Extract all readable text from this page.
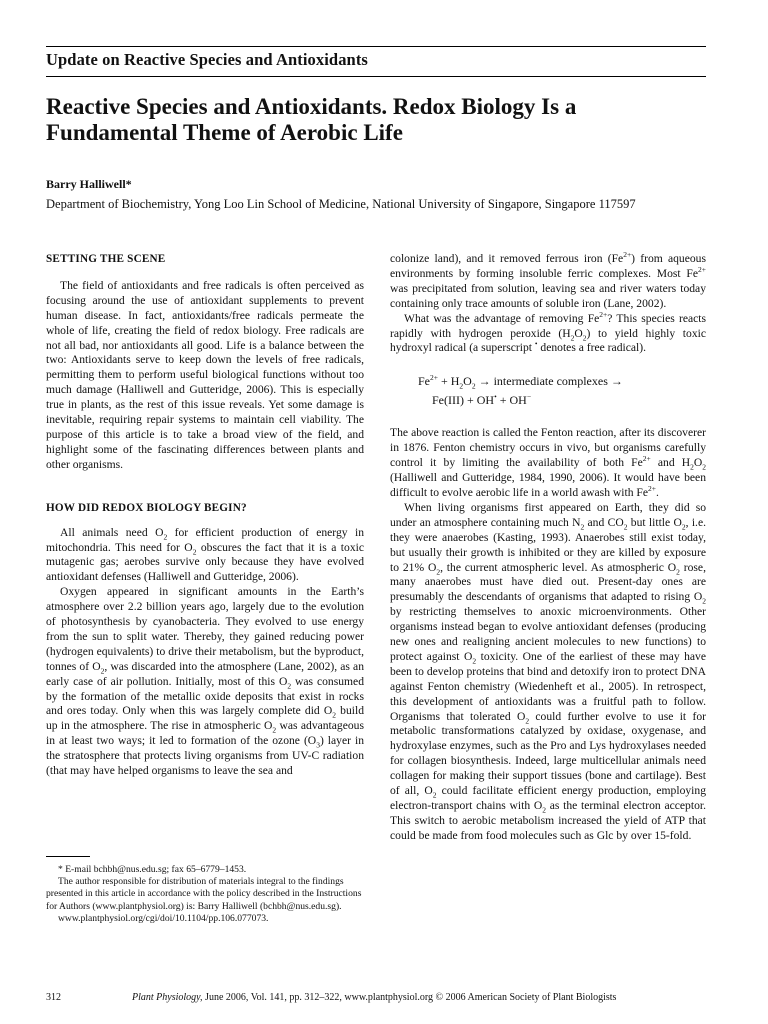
Update on Reactive Species and Antioxidants
Reactive Species and Antioxidants. Redox Biology Is a Fundamental Theme of Aerobic Life
Barry Halliwell*
Department of Biochemistry, Yong Loo Lin School of Medicine, National University of Singapore, Singapore 117597
SETTING THE SCENE

The field of antioxidants and free radicals is often perceived as focusing around the use of antioxidant supplements to prevent human disease. In fact, antioxidants/free radicals permeate the whole of life, creating the field of redox biology. Free radicals are not all bad, nor antioxidants all good. Life is a balance between the two: Antioxidants serve to keep down the levels of free radicals, permitting them to perform useful biological functions without too much damage (Halliwell and Gutteridge, 2006). This is especially true in plants, as the rest of this issue reveals. Yet some damage is inevitable, requiring repair systems to maintain cell viability. The purpose of this article is to take a broad view of the field, and highlight some of the fascinating differences between plants and other organisms.

HOW DID REDOX BIOLOGY BEGIN?

All animals need $O_2$ for efficient production of energy in mitochondria. This need for $O_2$ obscures the fact that it is a toxic mutagenic gas; aerobes survive only because they have evolved antioxidant defenses (Halliwell and Gutteridge, 2006).

Oxygen appeared in significant amounts in the Earth’s atmosphere over 2.2 billion years ago, largely due to the evolution of photosynthesis by cyanobacteria. They evolved to use energy from the sun to split water. Thereby, they gained reducing power (hydrogen equivalents) to drive their metabolism, but the byproduct, tonnes of $O_2$, was discarded into the atmosphere (Lane, 2002), as an early case of air pollution. Initially, most of this $O_2$ was consumed by the formation of the metallic oxide deposits that exist in rocks and ores today. Only when this was largely complete did $O_2$ build up in the atmosphere. The rise in atmospheric $O_2$ was advantageous in at least two ways; it led to formation of the ozone $(O_3)$ layer in the stratosphere that protects living organisms from UV-C radiation (that may have helped organisms to leave the sea and

colonize land), and it removed ferrous iron $(Fe^{2+})$ from aqueous environments by forming insoluble ferric complexes. Most $Fe^{2+}$ was precipitated from solution, leaving sea and river waters today containing only trace amounts of soluble iron (Lane, 2002).

What was the advantage of removing $Fe^{2+}$? This species reacts rapidly with hydrogen peroxide $(H_2O_2)$ to yield highly toxic hydroxyl radical (a superscript • denotes a free radical).

$Fe^{2+} + H_2O_2$ → intermediate complexes →
Fe(III) + OH• + OH−

The above reaction is called the Fenton reaction, after its discoverer in 1876. Fenton chemistry occurs in vivo, but organisms carefully control it by limiting the availability of both $Fe^{2+}$ and $H_2O_2$ (Halliwell and Gutteridge, 1984, 1990, 2006). It would have been difficult to evolve aerobic life in a world awash with $Fe^{2+}$.

When living organisms first appeared on Earth, they did so under an atmosphere containing much $N_2$ and $CO_2$ but little $O_2$, i.e. they were anaerobes (Kasting, 1993). Anaerobes still exist today, but usually their growth is inhibited or they are killed by exposure to 21% $O_2$, the current atmospheric level. As atmospheric $O_2$ rose, many anaerobes must have died out. Present-day ones are presumably the descendants of organisms that adapted to rising $O_2$ by restricting themselves to anoxic microenvironments. Other organisms instead began to evolve antioxidant defenses (producing new ones and realigning ancient molecules to new functions) to protect against $O_2$ toxicity. One of the earliest of these may have been to develop proteins that bind and detoxify iron to protect DNA against Fenton chemistry (Wiedenheft et al., 2005). In retrospect, this development of antioxidants was a fruitful path to follow. Organisms that tolerated $O_2$ could further evolve to use it for metabolic transformations catalyzed by oxidase, oxygenase, and hydroxylase enzymes, such as the Pro and Lys hydroxylases needed for collagen biosynthesis. Indeed, large multicellular animals need collagen for making their support tissues (bone and cartilage). Best of all, $O_2$ could facilitate efficient energy production, employing electron-transport chains with $O_2$ as the terminal electron acceptor. This switch to aerobic metabolism increased the yield of ATP that could be made from food molecules such as Glc by over 15-fold.

* E-mail bchbh@nus.edu.sg; fax 65–6779–1453.

The author responsible for distribution of materials integral to the findings presented in this article in accordance with the policy described in the Instructions for Authors (www.plantphysiol.org) is: Barry Halliwell (bchbh@nus.edu.sg).

www.plantphysiol.org/cgi/doi/10.1104/pp.106.077073.

312	Plant Physiology, June 2006, Vol. 141, pp. 312–322, www.plantphysiol.org © 2006 American Society of Plant Biologists
